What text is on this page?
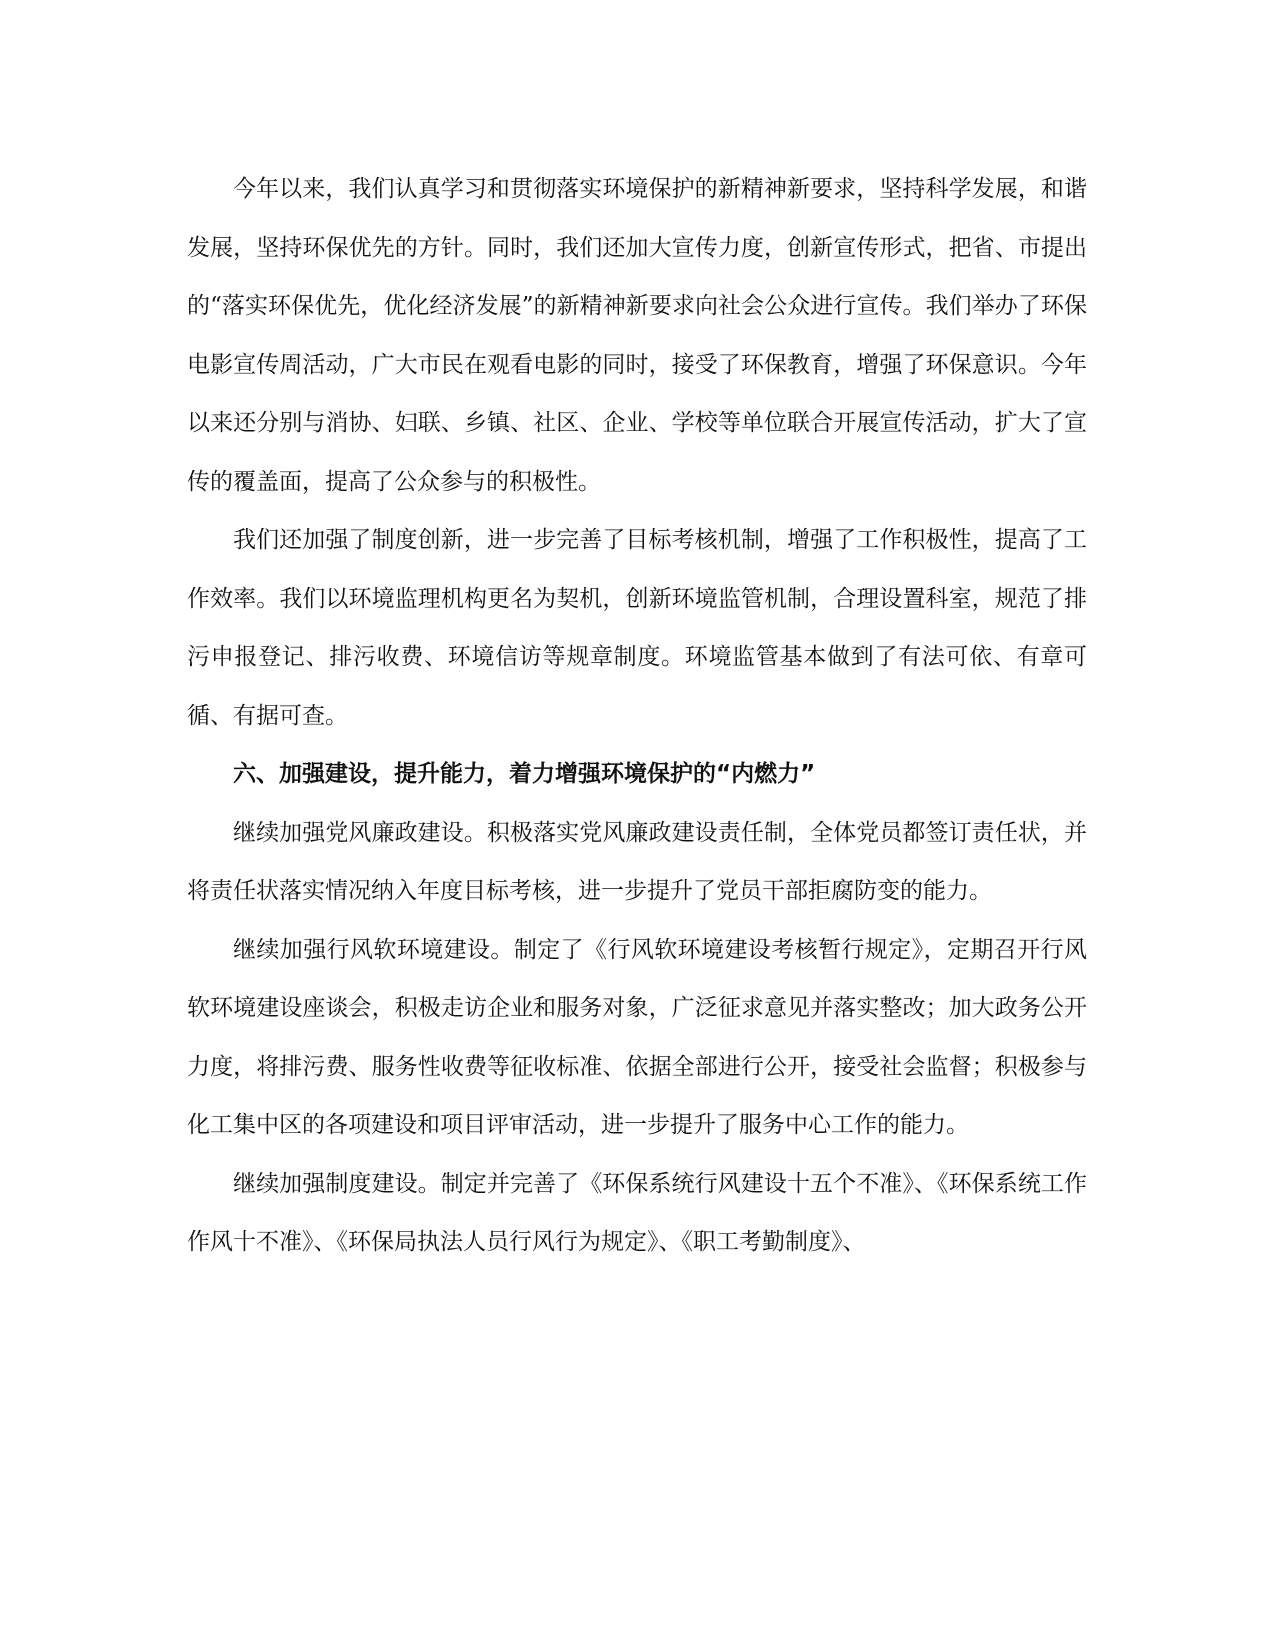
今年以来，我们认真学习和贯彻落实环境保护的新精神新要求，坚持科学发展，和谐发展，坚持环保优先的方针。同时，我们还加大宣传力度，创新宣传形式，把省、市提出的“落实环保优先，优化经济发展”的新精神新要求向社会公众进行宣传。我们举办了环保电影宣传周活动，广大市民在观看电影的同时，接受了环保教育，增强了环保意识。今年以来还分别与消协、妇联、乡镇、社区、企业、学校等单位联合开展宣传活动，扩大了宣传的覆盖面，提高了公众参与的积极性。

我们还加强了制度创新，进一步完善了目标考核机制，增强了工作积极性，提高了工作效率。我们以环境监理机构更名为契机，创新环境监管机制，合理设置科室，规范了排污申报登记、排污收费、环境信访等规章制度。环境监管基本做到了有法可依、有章可循、有据可查。

六、加强建设，提升能力，着力增强环境保护的“内燃力”

继续加强党风廉政建设。积极落实党风廉政建设责任制，全体党员都签订责任状，并将责任状落实情况纳入年度目标考核，进一步提升了党员干部拒腐防变的能力。

继续加强行风软环境建设。制定了《行风软环境建设考核暂行规定》，定期召开行风软环境建设座谈会，积极走访企业和服务对象，广泛征求意见并落实整改；加大政务公开力度，将排污费、服务性收费等征收标准、依据全部进行公开，接受社会监督；积极参与化工集中区的各项建设和项目评审活动，进一步提升了服务中心工作的能力。

继续加强制度建设。制定并完善了《环保系统行风建设十五个不准》、《环保系统工作作风十不准》、《环保局执法人员行风行为规定》、《职工考勤制度》、
